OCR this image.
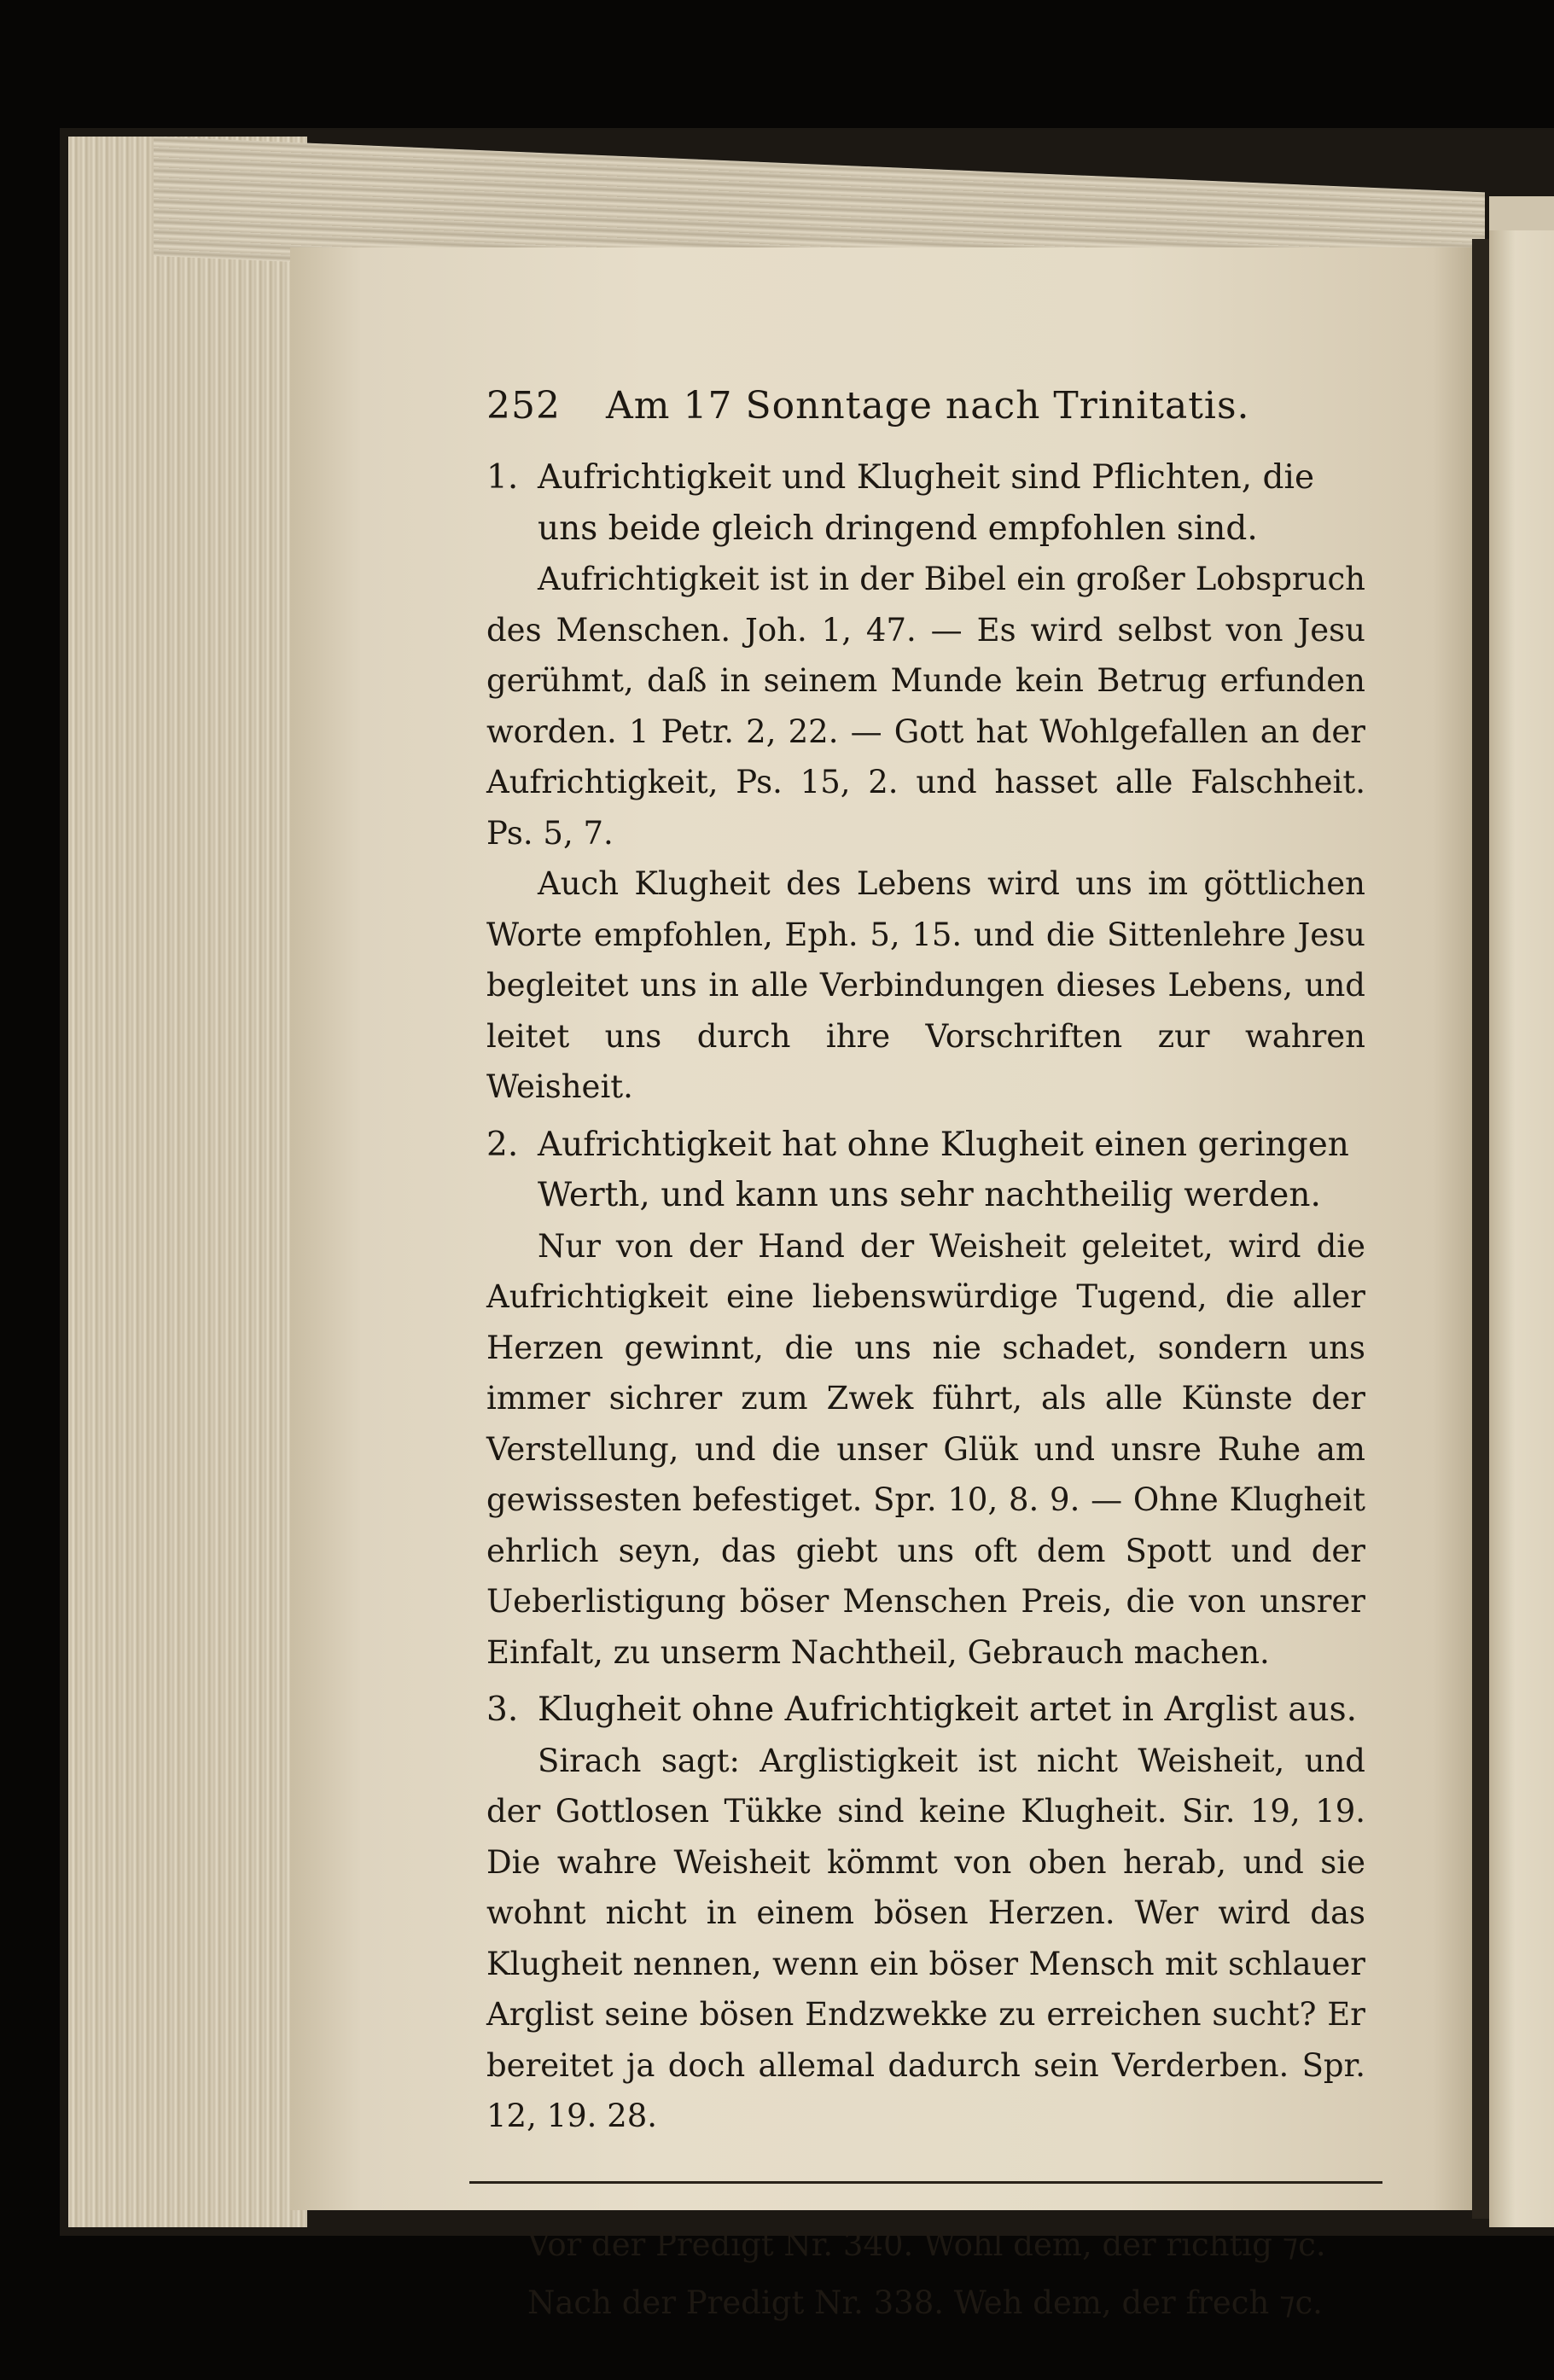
252	Am 17 Sonntage nach Trinitatis.

1. Aufrichtigkeit und Klugheit sind Pflichten, die uns beide gleich dringend empfohlen sind.

Aufrichtigkeit ist in der Bibel ein großer Lobspruch des Menschen. Joh. 1, 47. — Es wird selbst von Jesu gerühmt, daß in seinem Munde kein Betrug erfunden worden. 1 Petr. 2, 22. — Gott hat Wohlgefallen an der Aufrichtigkeit, Ps. 15, 2. und hasset alle Falschheit. Ps. 5, 7.

Auch Klugheit des Lebens wird uns im göttlichen Worte empfohlen, Eph. 5, 15. und die Sittenlehre Jesu begleitet uns in alle Verbindungen dieses Lebens, und leitet uns durch ihre Vorschriften zur wahren Weisheit.

2. Aufrichtigkeit hat ohne Klugheit einen geringen Werth, und kann uns sehr nachtheilig werden.

Nur von der Hand der Weisheit geleitet, wird die Aufrichtigkeit eine liebenswürdige Tugend, die aller Herzen gewinnt, die uns nie schadet, sondern uns immer sichrer zum Zwek führt, als alle Künste der Verstellung, und die unser Glük und unsre Ruhe am gewissesten befestiget. Spr. 10, 8. 9. — Ohne Klugheit ehrlich seyn, das giebt uns oft dem Spott und der Ueberlistigung böser Menschen Preis, die von unsrer Einfalt, zu unserm Nachtheil, Gebrauch machen.

3. Klugheit ohne Aufrichtigkeit artet in Arglist aus.

Sirach sagt: Arglistigkeit ist nicht Weisheit, und der Gottlosen Tükke sind keine Klugheit. Sir. 19, 19. Die wahre Weisheit kömmt von oben herab, und sie wohnt nicht in einem bösen Herzen. Wer wird das Klugheit nennen, wenn ein böser Mensch mit schlauer Arglist seine bösen Endzwekke zu erreichen sucht? Er bereitet ja doch allemal dadurch sein Verderben. Spr. 12, 19. 28.

Vor der Predigt Nr. 340. Wohl dem, der richtig ⁊c.

Nach der Predigt Nr. 338. Weh dem, der frech ⁊c.
